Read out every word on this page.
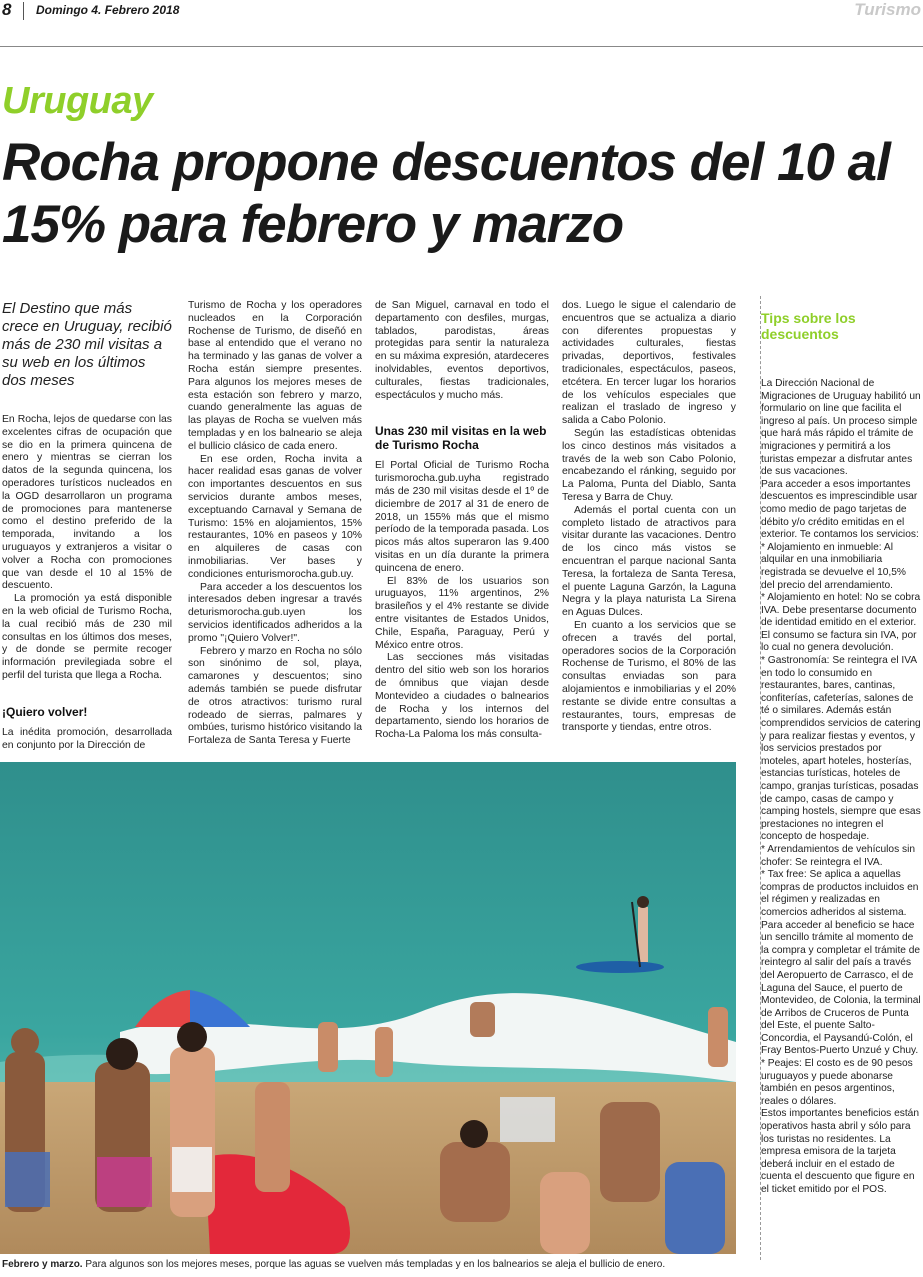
8 Domingo 4. Febrero 2018	Turismo
Uruguay
Rocha propone descuentos del 10 al 15% para febrero y marzo
El Destino que más crece en Uruguay, recibió más de 230 mil visitas a su web en los últimos dos meses

En Rocha, lejos de quedarse con las excelentes cifras de ocupación que se dio en la primera quincena de enero y mientras se cierran los datos de la segunda quincena, los operadores turísticos nucleados en la OGD desarrollaron un programa de promociones para mantenerse como el destino preferido de la temporada, invitando a los uruguayos y extranjeros a visitar o volver a Rocha con promociones que van desde el 10 al 15% de descuento.

La promoción ya está disponible en la web oficial de Turismo Rocha, la cual recibió más de 230 mil consultas en los últimos dos meses, y de donde se permite recoger información previlegiada sobre el perfil del turista que llega a Rocha.

¡Quiero volver!

La inédita promoción, desarrollada en conjunto por la Dirección de

Turismo de Rocha y los operadores nucleados en la Corporación Rochense de Turismo, de diseñó en base al entendido que el verano no ha terminado y las ganas de volver a Rocha están siempre presentes. Para algunos los mejores meses de esta estación son febrero y marzo, cuando generalmente las aguas de las playas de Rocha se vuelven más templadas y en los balneario se aleja el bullicio clásico de cada enero.

En ese orden, Rocha invita a hacer realidad esas ganas de volver con importantes descuentos en sus servicios durante ambos meses, exceptuando Carnaval y Semana de Turismo: 15% en alojamientos, 15% restaurantes, 10% en paseos y 10% en alquileres de casas con inmobiliarias. Ver bases y condiciones enturismorocha.gub.uy.

Para acceder a los descuentos los interesados deben ingresar a través deturismorocha.gub.uyen los servicios identificados adheridos a la promo "¡Quiero Volver!".

Febrero y marzo en Rocha no sólo son sinónimo de sol, playa, camarones y descuentos; sino además también se puede disfrutar de otros atractivos: turismo rural rodeado de sierras, palmares y ombúes, turismo histórico visitando la Fortaleza de Santa Teresa y Fuerte

de San Miguel, carnaval en todo el departamento con desfiles, murgas, tablados, parodistas, áreas protegidas para sentir la naturaleza en su máxima expresión, atardeceres inolvidables, eventos deportivos, culturales, fiestas tradicionales, espectáculos y mucho más.

Unas 230 mil visitas en la web de Turismo Rocha

El Portal Oficial de Turismo Rocha turismorocha.gub.uyha registrado más de 230 mil visitas desde el 1º de diciembre de 2017 al 31 de enero de 2018, un 155% más que el mismo período de la temporada pasada. Los picos más altos superaron las 9.400 visitas en un día durante la primera quincena de enero.

El 83% de los usuarios son uruguayos, 11% argentinos, 2% brasileños y el 4% restante se divide entre visitantes de Estados Unidos, Chile, España, Paraguay, Perú y México entre otros.

Las secciones más visitadas dentro del sitio web son los horarios de ómnibus que viajan desde Montevideo a ciudades o balnearios de Rocha y los internos del departamento, siendo los horarios de Rocha-La Paloma los más consulta-

dos. Luego le sigue el calendario de encuentros que se actualiza a diario con diferentes propuestas y actividades culturales, fiestas privadas, deportivos, festivales tradicionales, espectáculos, paseos, etcétera. En tercer lugar los horarios de los vehículos especiales que realizan el traslado de ingreso y salida a Cabo Polonio.

Según las estadísticas obtenidas los cinco destinos más visitados a través de la web son Cabo Polonio, encabezando el ránking, seguido por La Paloma, Punta del Diablo, Santa Teresa y Barra de Chuy.

Además el portal cuenta con un completo listado de atractivos para visitar durante las vacaciones. Dentro de los cinco más vistos se encuentran el parque nacional Santa Teresa, la fortaleza de Santa Teresa, el puente Laguna Garzón, la Laguna Negra y la playa naturista La Sirena en Aguas Dulces.

En cuanto a los servicios que se ofrecen a través del portal, operadores socios de la Corporación Rochense de Turismo, el 80% de las consultas enviadas son para alojamientos e inmobiliarias y el 20% restante se divide entre consultas a restaurantes, tours, empresas de transporte y tiendas, entre otros.

Tips sobre los descuentos

La Dirección Nacional de Migraciones de Uruguay habilitó un formulario on line que facilita el ingreso al país. Un proceso simple que hará más rápido el trámite de migraciones y permitirá a los turistas empezar a disfrutar antes de sus vacaciones.

Para acceder a esos importantes descuentos es imprescindible usar como medio de pago tarjetas de débito y/o crédito emitidas en el exterior. Te contamos los servicios:

* Alojamiento en inmueble: Al alquilar en una inmobiliaria registrada se devuelve el 10,5% del precio del arrendamiento.

* Alojamiento en hotel: No se cobra IVA. Debe presentarse documento de identidad emitido en el exterior. El consumo se factura sin IVA, por lo cual no genera devolución.

* Gastronomía: Se reintegra el IVA en todo lo consumido en restaurantes, bares, cantinas, confiterías, cafeterías, salones de té o similares. Además están comprendidos servicios de catering y para realizar fiestas y eventos, y los servicios prestados por moteles, apart hoteles, hosterías, estancias turísticas, hoteles de campo, granjas turísticas, posadas de campo, casas de campo y camping hostels, siempre que esas prestaciones no integren el concepto de hospedaje.

* Arrendamientos de vehículos sin chofer: Se reintegra el IVA.

* Tax free: Se aplica a aquellas compras de productos incluidos en el régimen y realizadas en comercios adheridos al sistema. Para acceder al beneficio se hace un sencillo trámite al momento de la compra y completar el trámite de reintegro al salir del país a través del Aeropuerto de Carrasco, el de Laguna del Sauce, el puerto de Montevideo, de Colonia, la terminal de Arribos de Cruceros de Punta del Este, el puente Salto-Concordia, el Paysandú-Colón, el Fray Bentos-Puerto Unzué y Chuy.

* Peajes: El costo es de 90 pesos uruguayos y puede abonarse también en pesos argentinos, reales o dólares.

Estos importantes beneficios están operativos hasta abril y sólo para los turistas no residentes. La empresa emisora de la tarjeta deberá incluir en el estado de cuenta el descuento que figure en el ticket emitido por el POS.

Febrero y marzo. Para algunos son los mejores meses, porque las aguas se vuelven más templadas y en los balnearios se aleja el bullicio de enero.
